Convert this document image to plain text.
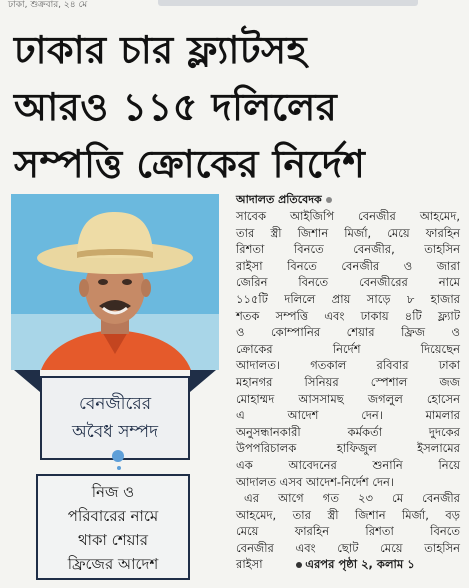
ঢাকা, শুক্রবার, ২৪ মে
ঢাকার চার ফ্ল্যাটসহ
আরও ১১৫ দলিলের
সম্পত্তি ক্রোকের নির্দেশ

বেনজীরের
অবৈধ সম্পদ

নিজ ও
পরিবারের নামে
থাকা শেয়ার
ফ্রিজের আদেশ

আদালত প্রতিবেদক
সাবেক আইজিপি বেনজীর আহমেদ,
তার স্ত্রী জিশান মির্জা, মেয়ে ফারহিন
রিশতা বিনতে বেনজীর, তাহসিন
রাইসা বিনতে বেনজীর ও জারা
জেরিন বিনতে বেনজীরের নামে
১১৫টি দলিলে প্রায় সাড়ে ৮ হাজার
শতক সম্পত্তি এবং ঢাকায় ৪টি ফ্ল্যাট
ও কোম্পানির শেয়ার ফ্রিজ ও
ক্রোকের নির্দেশ দিয়েছেন
আদালত। গতকাল রবিবার ঢাকা
মহানগর সিনিয়র স্পেশাল জজ
মোহাম্মদ আসসামছ জগলুল হোসেন
এ আদেশ দেন। মামলার
অনুসন্ধানকারী কর্মকর্তা দুদকের
উপপরিচালক হাফিজুল ইসলামের
এক আবেদনের শুনানি নিয়ে
আদালত এসব আদেশ-নির্দেশ দেন।
এর আগে গত ২৩ মে বেনজীর
আহমেদ, তার স্ত্রী জিশান মির্জা, বড়
মেয়ে ফারহিন রিশতা বিনতে
বেনজীর এবং ছোট মেয়ে তাহসিন
রাইসা	এরপর পৃষ্ঠা ২, কলাম ১
